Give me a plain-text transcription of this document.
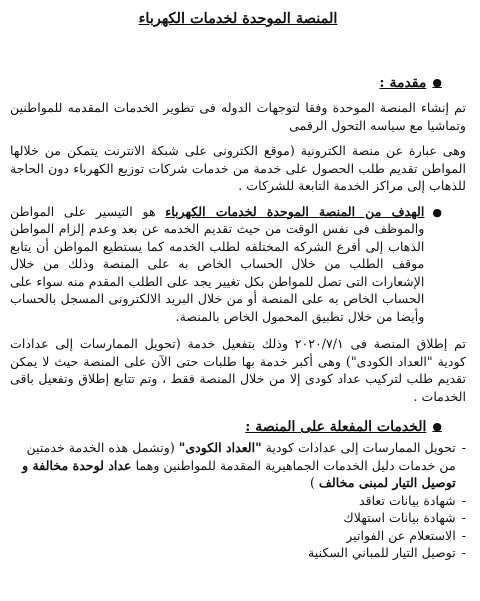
المنصة الموحدة لخدمات الكهرباء
●
مقدمة :

تم إنشاء المنصة الموحدة وفقا لتوجهات الدوله فى تطوير الخدمات المقدمه للمواطنين وتماشيا مع سياسه التحول الرقمى

وهى عبارة عن منصة الكترونية (موقع الكترونى على شبكة الانترنت يتمكن من خلالها المواطن تقديم طلب الحصول على خدمة من خدمات شركات توزيع الكهرباء دون الحاجة للذهاب إلى مراكز الخدمة التابعة للشركات .

●

الهدف من المنصة الموحدة لخدمات الكهرباء هو التيسير على المواطن والموظف فى نفس الوقت من حيث تقديم الخدمه عن بعد وعدم إلزام المواطن الذهاب إلى أفرع الشركه المختلفه لطلب الخدمه كما يستطيع المواطن أن يتابع موقف الطلب من خلال الحساب الخاص به على المنصة وذلك من خلال الإشعارات التى تصل للمواطن بكل تغيير يجد على الطلب المقدم منه سواء على الحساب الخاص به على المنصة أو من خلال البريد الالكترونى المسجل بالحساب وأيضا من خلال تطبيق المحمول الخاص بالمنصة.

تم إطلاق المنصة فى ٢٠٢٠/٧/١ وذلك بتفعيل خدمة (تحويل الممارسات إلى عدادات كودية "العداد الكودى") وهى أكبر خدمة بها طلبات حتى الآن على المنصة حيث لا يمكن تقديم طلب لتركيب عداد كودى إلا من خلال المنصة فقط ، وتم تتابع إطلاق وتفعيل باقى الخدمات .

●
الخدمات المفعلة على المنصة :
-
تحويل الممارسات إلى عدادات كودية "العداد الكودى" (وتشمل هذه الخدمة خدمتين من خدمات دليل الخدمات الجماهيرية المقدمة للمواطنين وهما عداد لوحدة مخالفة و توصيل التيار لمبنى مخالف )
-
شهادة بيانات تعاقد
-
شهادة بيانات استهلاك
-
الاستعلام عن الفواتير
-
توصيل التيار للمباني السكنية
